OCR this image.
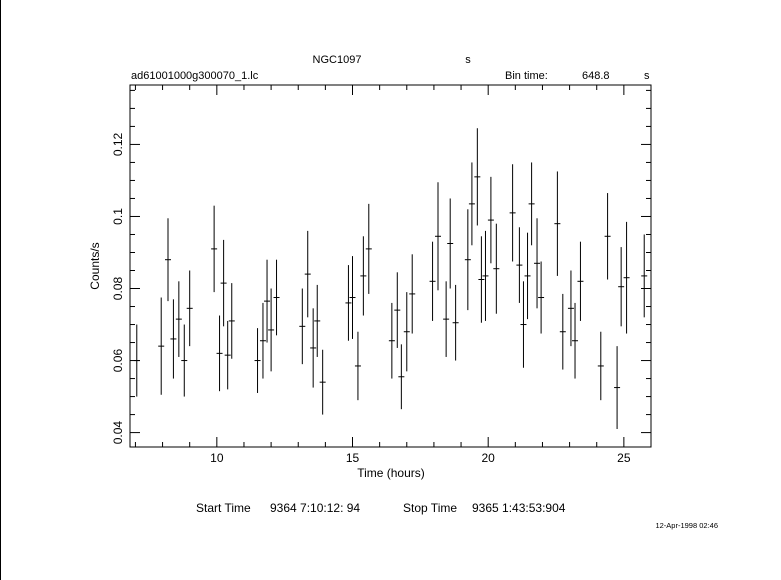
NGC1097	s
ad61001000g300070_1.lc	Bin time:	648.8	s
10	15	20	25
0.04
0.06
0.08
0.1
0.12
Time (hours)
Counts/s
Start Time 9364 7:10:12: 94	Stop Time 9365 1:43:53:904
12-Apr-1998 02:46
